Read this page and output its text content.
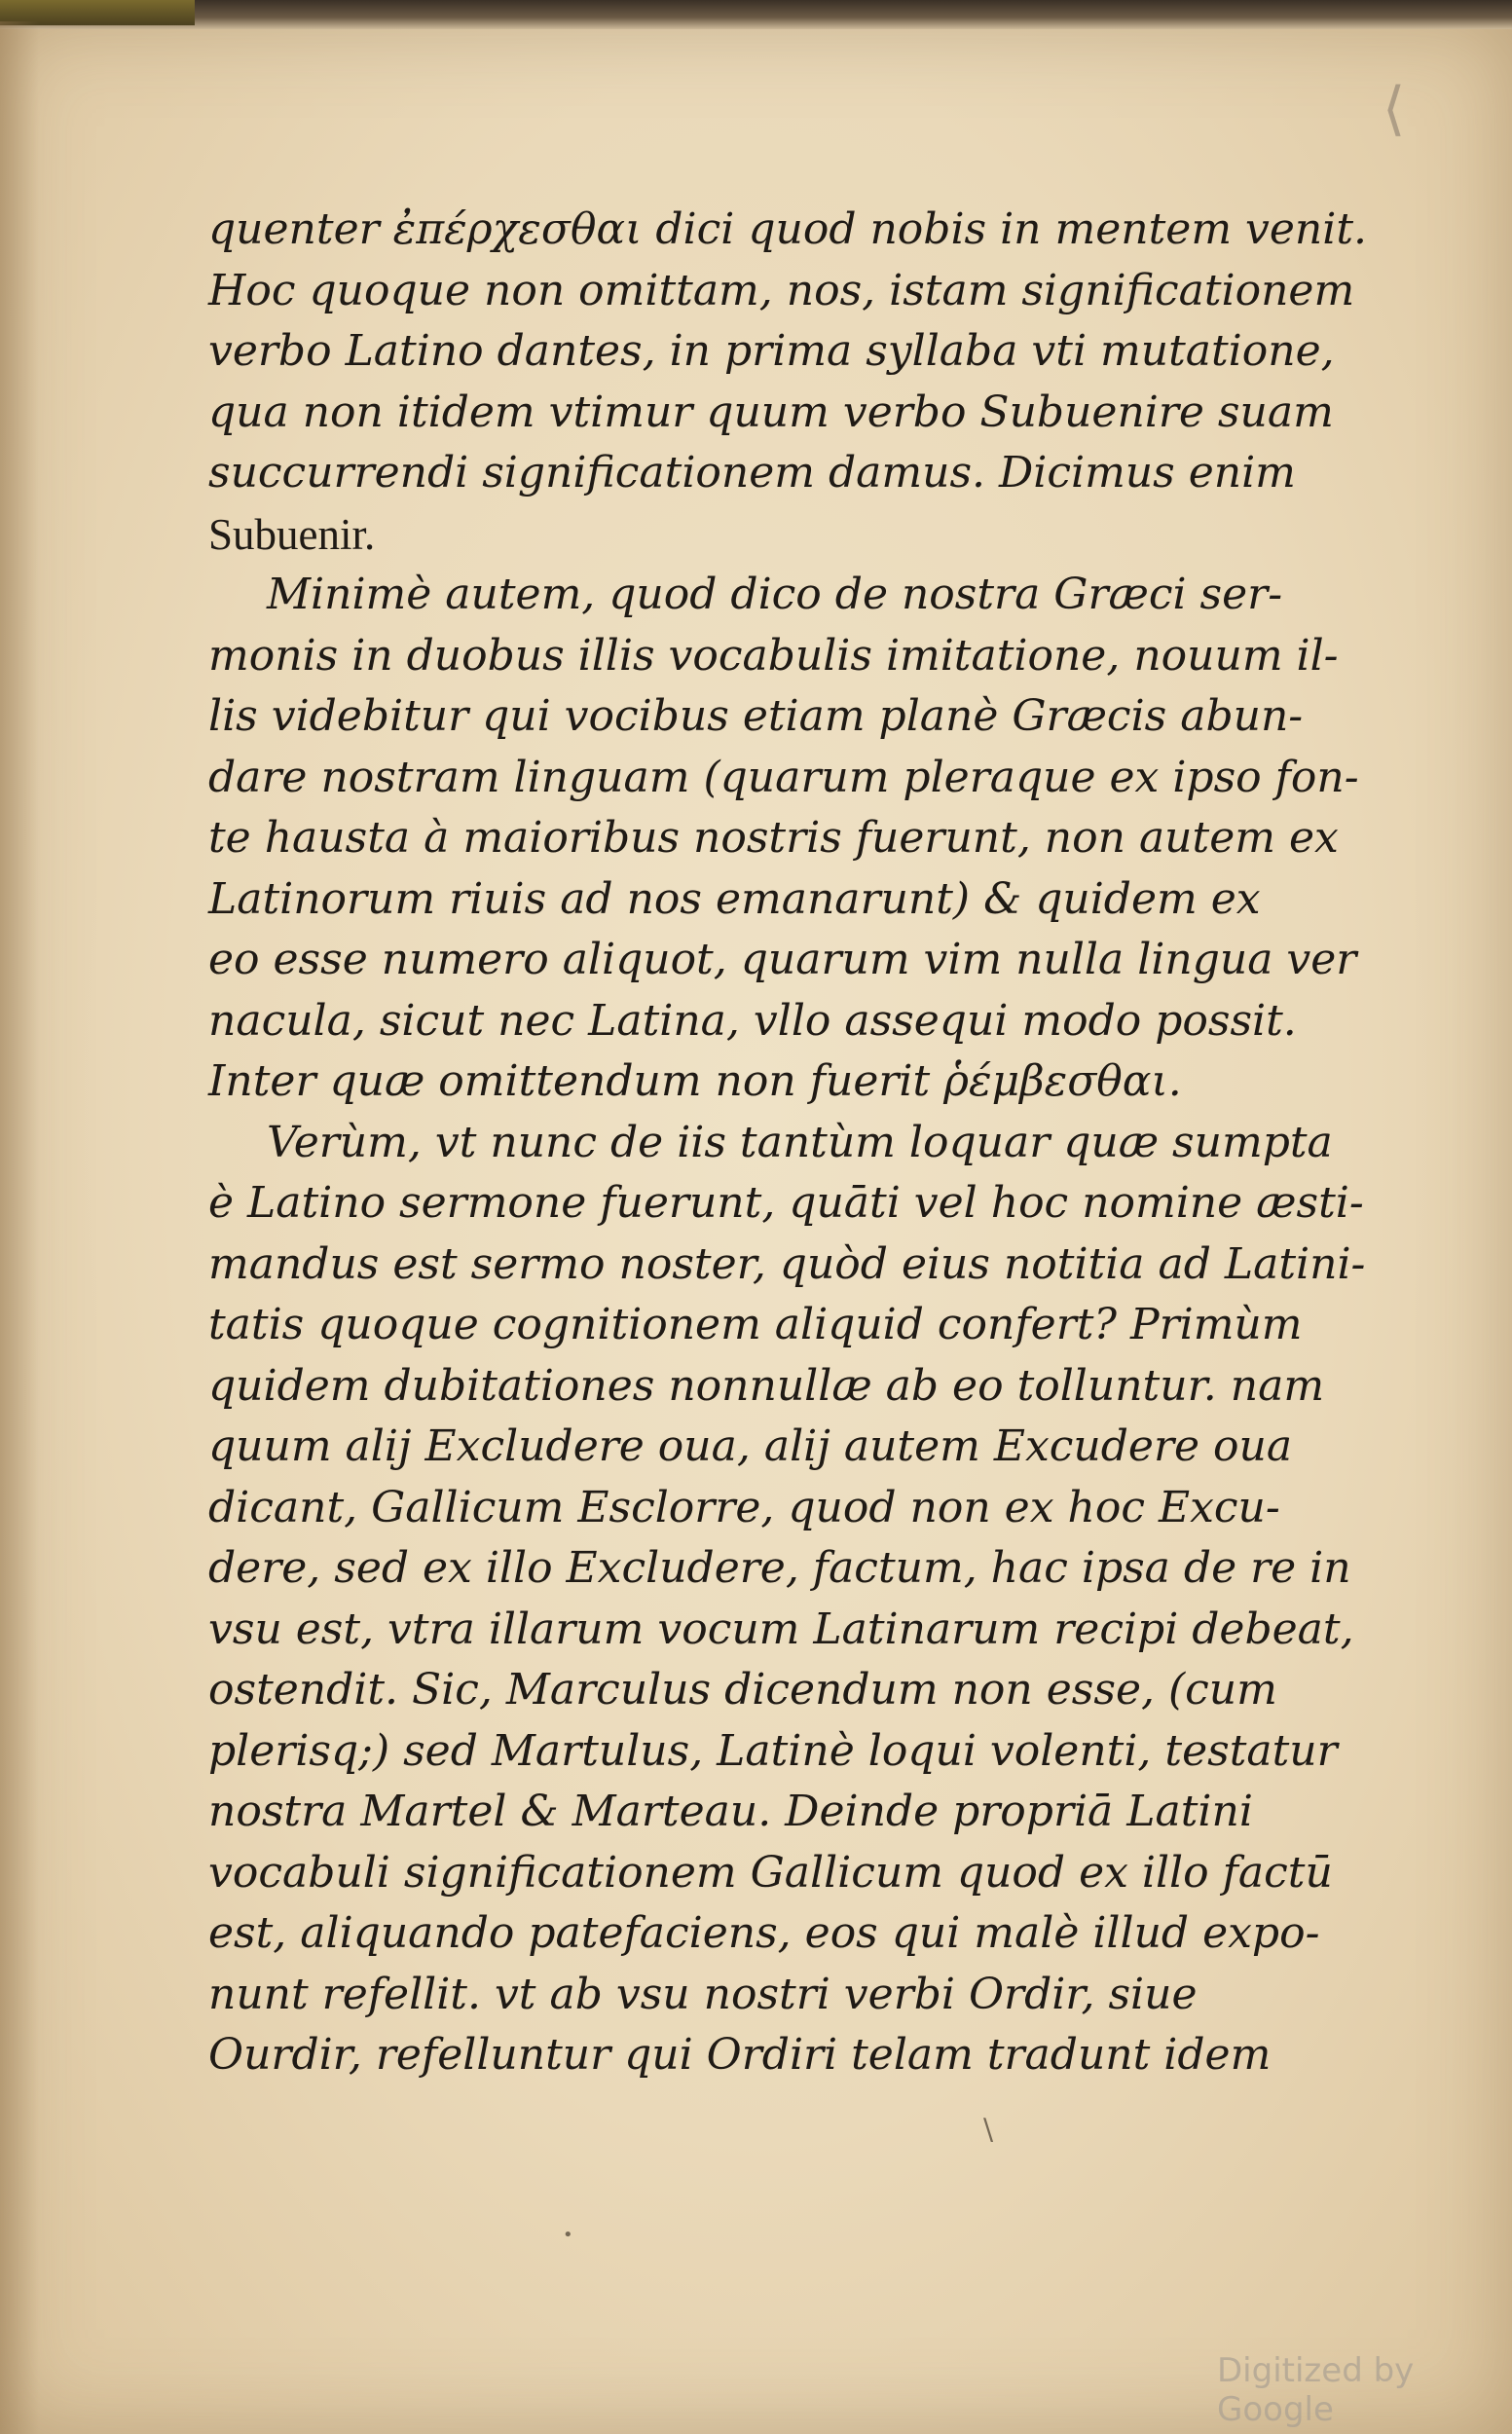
⟨
quenter ἐπέρχεσθαι dici quod nobis in mentem venit.
Hoc quoque non omittam, nos, istam significationem
verbo Latino dantes, in prima syllaba vti mutatione,
qua non itidem vtimur quum verbo Subuenire suam
succurrendi significationem damus. Dicimus enim
Subuenir.
Minimè autem, quod dico de nostra Græci ser-
monis in duobus illis vocabulis imitatione, nouum il-
lis videbitur qui vocibus etiam planè Græcis abun-
dare nostram linguam (quarum pleraque ex ipso fon-
te hausta à maioribus nostris fuerunt, non autem ex
Latinorum riuis ad nos emanarunt) & quidem ex
eo esse numero aliquot, quarum vim nulla lingua ver
nacula, sicut nec Latina, vllo assequi modo possit.
Inter quæ omittendum non fuerit ῥέμβεσθαι.
Verùm, vt nunc de iis tantùm loquar quæ sumpta
è Latino sermone fuerunt, quāti vel hoc nomine æsti-
mandus est sermo noster, quòd eius notitia ad Latini-
tatis quoque cognitionem aliquid confert? Primùm
quidem dubitationes nonnullæ ab eo tolluntur. nam
quum alij Excludere oua, alij autem Excudere oua
dicant, Gallicum Esclorre, quod non ex hoc Excu-
dere, sed ex illo Excludere, factum, hac ipsa de re in
vsu est, vtra illarum vocum Latinarum recipi debeat,
ostendit. Sic, Marculus dicendum non esse, (cum
plerisq;) sed Martulus, Latinè loqui volenti, testatur
nostra Martel & Marteau. Deinde propriā Latini
vocabuli significationem Gallicum quod ex illo factū
est, aliquando patefaciens, eos qui malè illud expo-
nunt refellit. vt ab vsu nostri verbi Ordir, siue
Ourdir, refelluntur qui Ordiri telam tradunt idem
\
•
Digitized by Google
